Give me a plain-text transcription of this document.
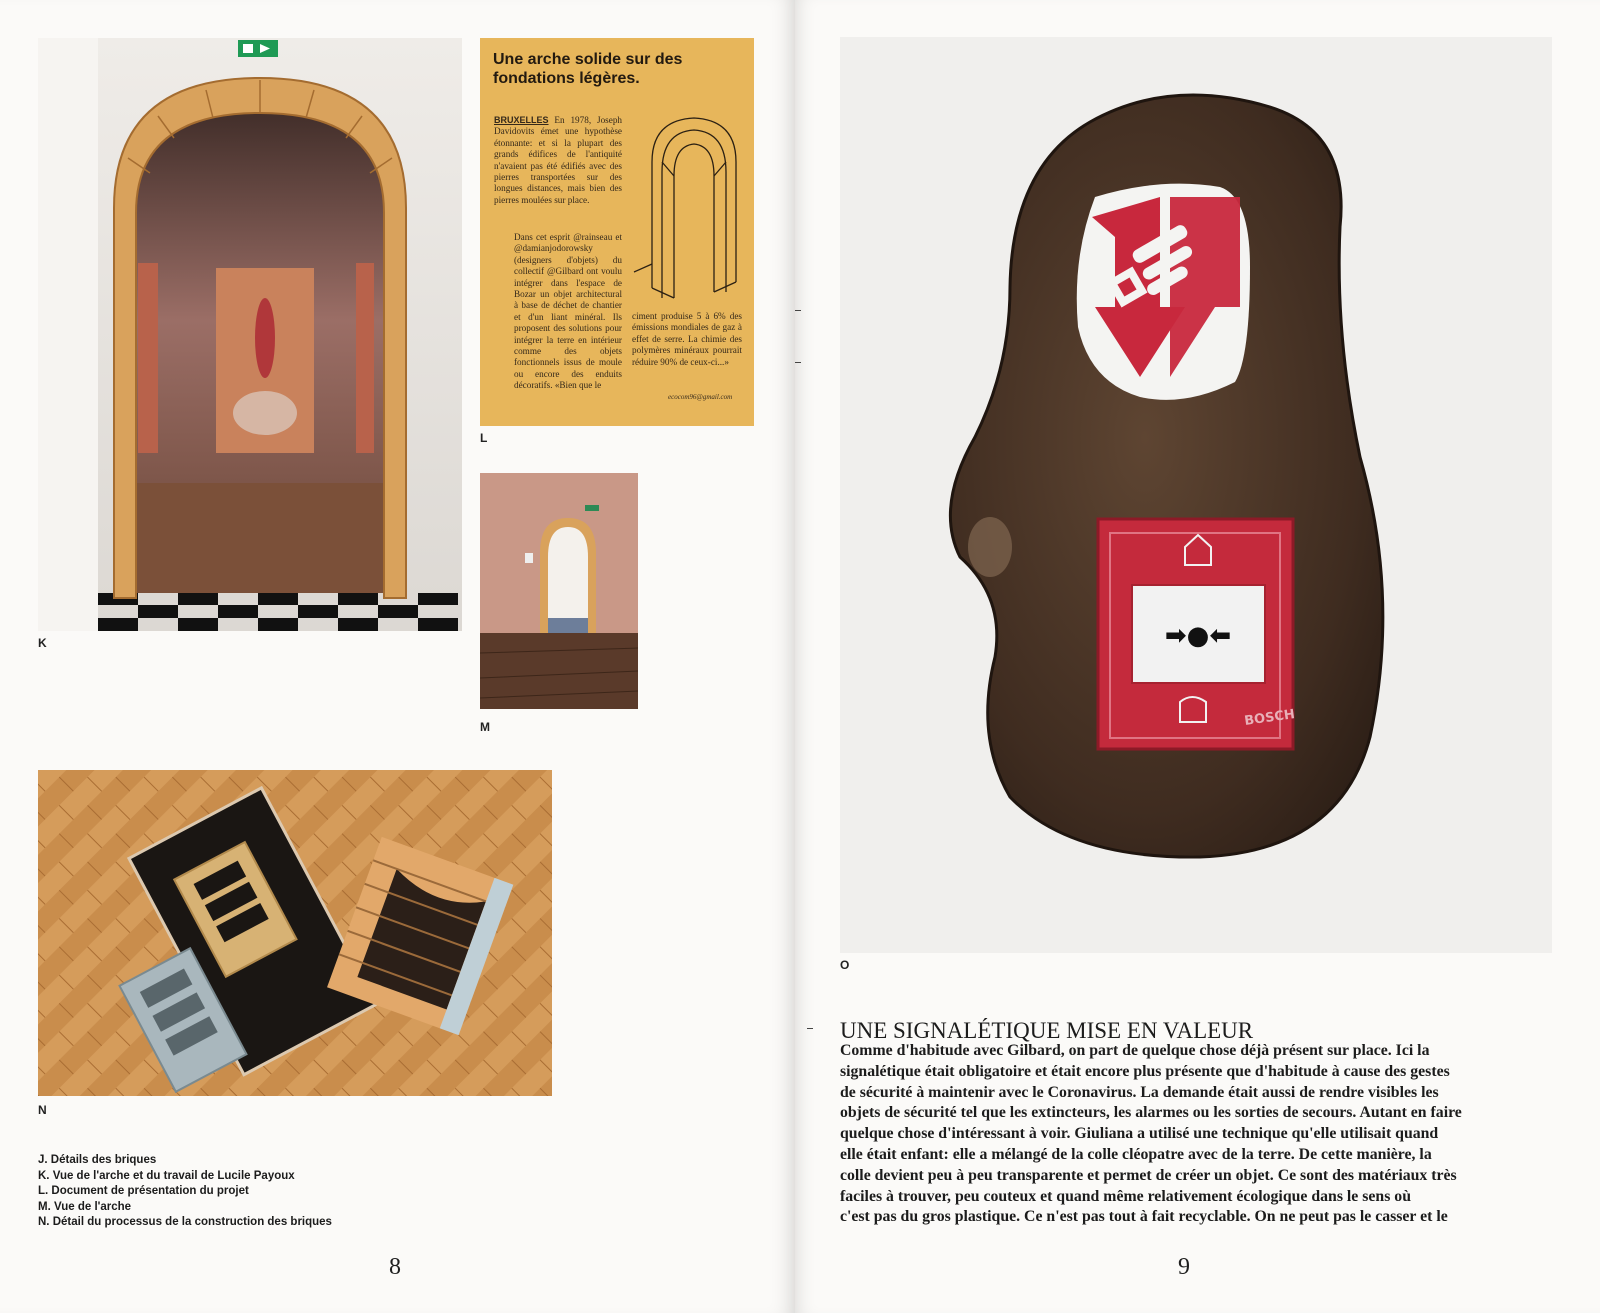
K
Une arche solide sur des fondations légères.
BRUXELLES En 1978, Joseph Davidovits émet une hypothèse étonnante: et si la plupart des grands édifices de l'antiquité n'avaient pas été édifiés avec des pierres transportées sur des longues distances, mais bien des pierres moulées sur place.
Dans cet esprit @rainseau et @damianjodorowsky (designers d'objets) du collectif @Gilbard ont voulu intégrer dans l'espace de Bozar un objet architectural à base de déchet de chantier et d'un liant minéral. Ils proposent des solutions pour intégrer la terre en intérieur comme des objets fonctionnels issus de moule ou encore des enduits décoratifs. «Bien que le
ciment produise 5 à 6% des émissions mondiales de gaz à effet de serre. La chimie des polymères minéraux pourrait réduire 90% de ceux-ci...»
ecocom96@gmail.com
L
M
N
J. Détails des briques
K. Vue de l'arche et du travail de Lucile Payoux
L. Document de présentation du projet
M. Vue de l'arche
N. Détail du processus de la construction des briques
8
➡●⬅
BOSCH
O
UNE SIGNALÉTIQUE MISE EN VALEUR

Comme d'habitude avec Gilbard, on part de quelque chose déjà présent sur place. Ici la
signalétique était obligatoire et était encore plus présente que d'habitude à cause des gestes
de sécurité à maintenir avec le Coronavirus. La demande était aussi de rendre visibles les
objets de sécurité tel que les extincteurs, les alarmes ou les sorties de secours. Autant en faire
quelque chose d'intéressant à voir. Giuliana a utilisé une technique qu'elle utilisait quand
elle était enfant: elle a mélangé de la colle cléopatre avec de la terre. De cette manière, la
colle devient peu à peu transparente et permet de créer un objet. Ce sont des matériaux très
faciles à trouver, peu couteux et quand même relativement écologique dans le sens où
c'est pas du gros plastique. Ce n'est pas tout à fait recyclable. On ne peut pas le casser et le

9
